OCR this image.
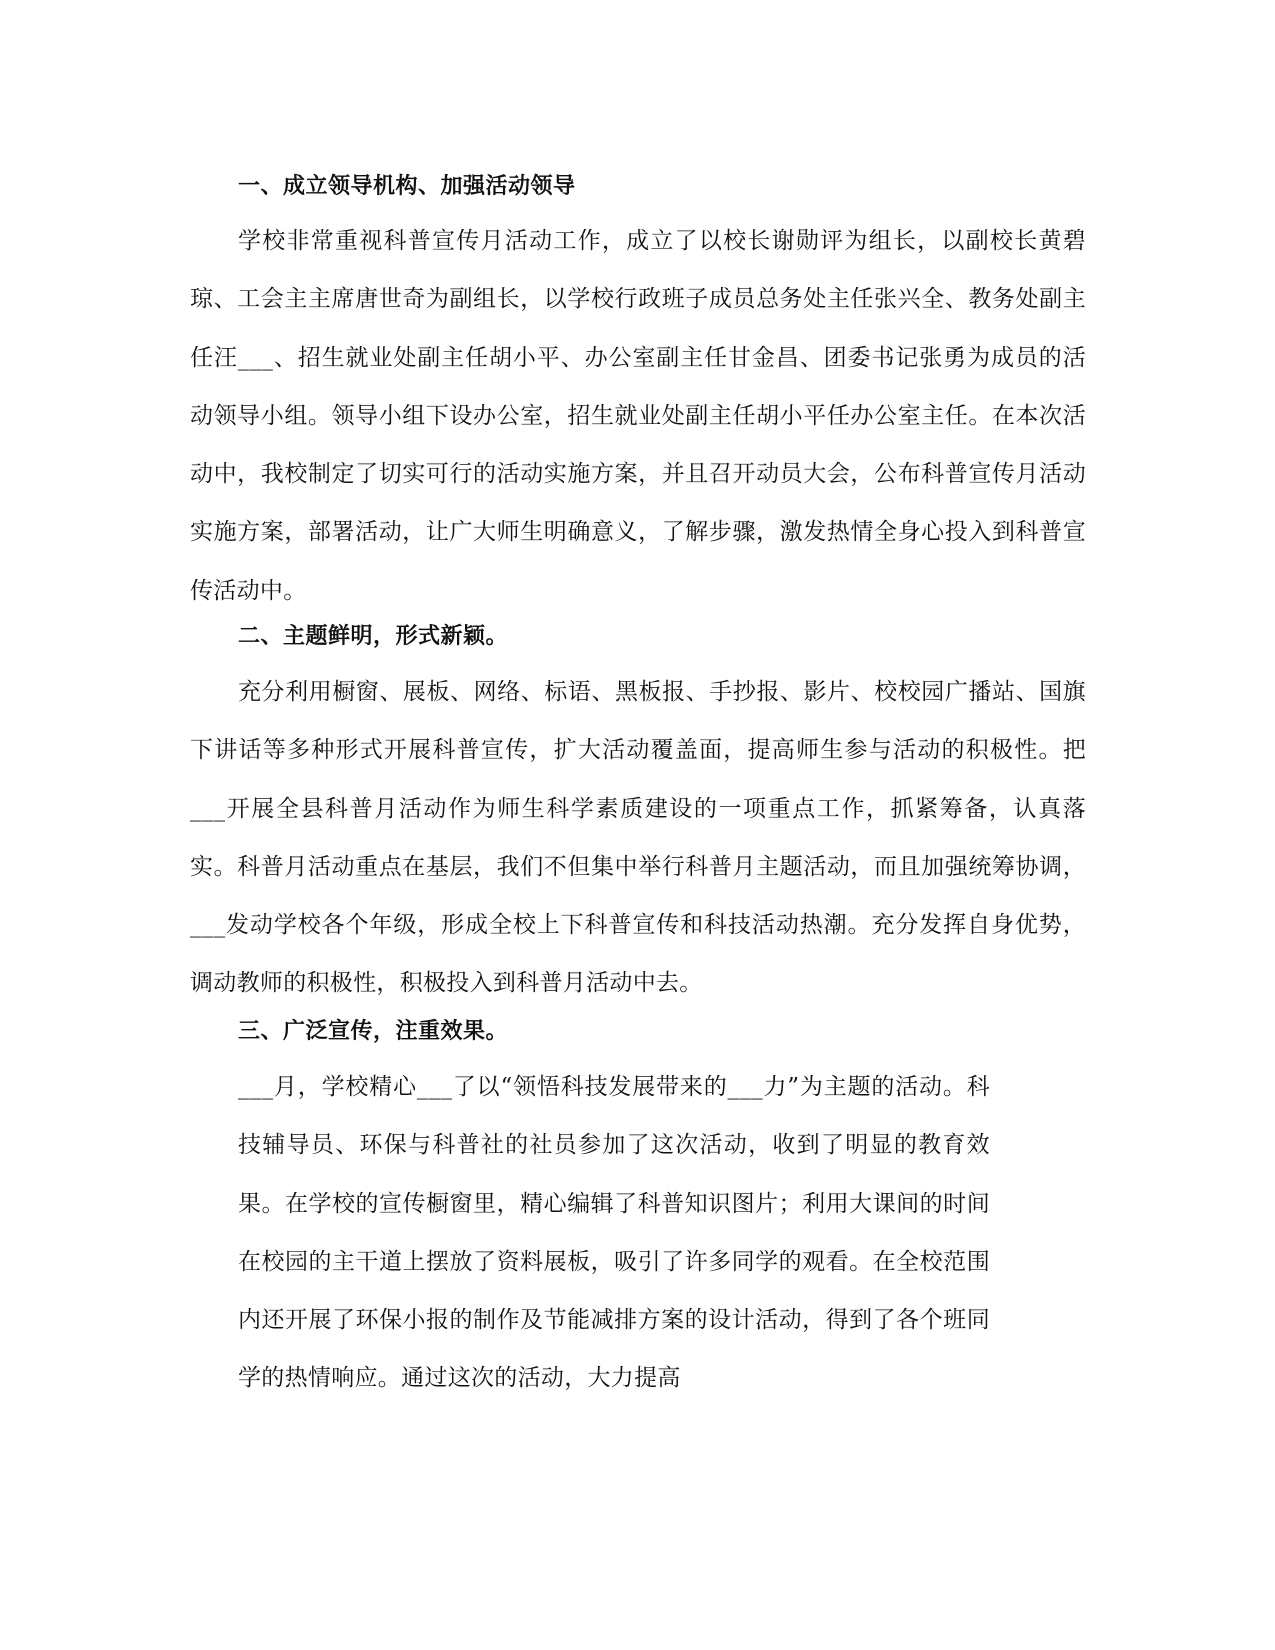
一、成立领导机构、加强活动领导
学校非常重视科普宣传月活动工作，成立了以校长谢勋评为组长，以副校长黄碧琼、工会主主席唐世奇为副组长，以学校行政班子成员总务处主任张兴全、教务处副主任汪___、招生就业处副主任胡小平、办公室副主任甘金昌、团委书记张勇为成员的活动领导小组。领导小组下设办公室，招生就业处副主任胡小平任办公室主任。在本次活动中，我校制定了切实可行的活动实施方案，并且召开动员大会，公布科普宣传月活动实施方案，部署活动，让广大师生明确意义，了解步骤，激发热情全身心投入到科普宣传活动中。
二、主题鲜明，形式新颖。
充分利用橱窗、展板、网络、标语、黑板报、手抄报、影片、校校园广播站、国旗下讲话等多种形式开展科普宣传，扩大活动覆盖面，提高师生参与活动的积极性。把___开展全县科普月活动作为师生科学素质建设的一项重点工作，抓紧筹备，认真落实。科普月活动重点在基层，我们不但集中举行科普月主题活动，而且加强统筹协调，___发动学校各个年级，形成全校上下科普宣传和科技活动热潮。充分发挥自身优势，调动教师的积极性，积极投入到科普月活动中去。
三、广泛宣传，注重效果。
___月，学校精心___了以“领悟科技发展带来的___力”为主题的活动。科技辅导员、环保与科普社的社员参加了这次活动，收到了明显的教育效果。在学校的宣传橱窗里，精心编辑了科普知识图片；利用大课间的时间在校园的主干道上摆放了资料展板，吸引了许多同学的观看。在全校范围内还开展了环保小报的制作及节能减排方案的设计活动，得到了各个班同学的热情响应。通过这次的活动，大力提高
